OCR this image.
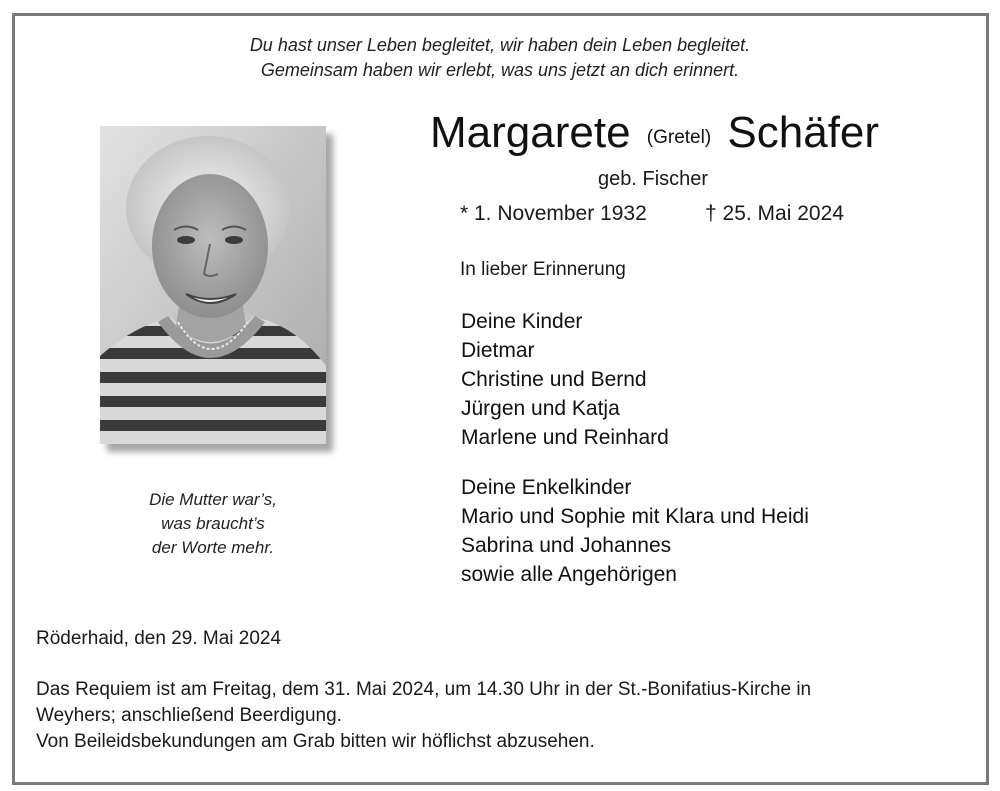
Du hast unser Leben begleitet, wir haben dein Leben begleitet.
Gemeinsam haben wir erlebt, was uns jetzt an dich erinnert.
Die Mutter war’s,
was braucht’s
der Worte mehr.
Margarete (Gretel) Schäfer
geb. Fischer
* 1. November 1932	† 25. Mai 2024
In lieber Erinnerung
Deine Kinder
Dietmar
Christine und Bernd
Jürgen und Katja
Marlene und Reinhard
Deine Enkelkinder
Mario und Sophie mit Klara und Heidi
Sabrina und Johannes
sowie alle Angehörigen
Röderhaid, den 29. Mai 2024
Das Requiem ist am Freitag, dem 31. Mai 2024, um 14.30 Uhr in der St.-Bonifatius-Kirche in
Weyhers; anschließend Beerdigung.
Von Beileidsbekundungen am Grab bitten wir höflichst abzusehen.
